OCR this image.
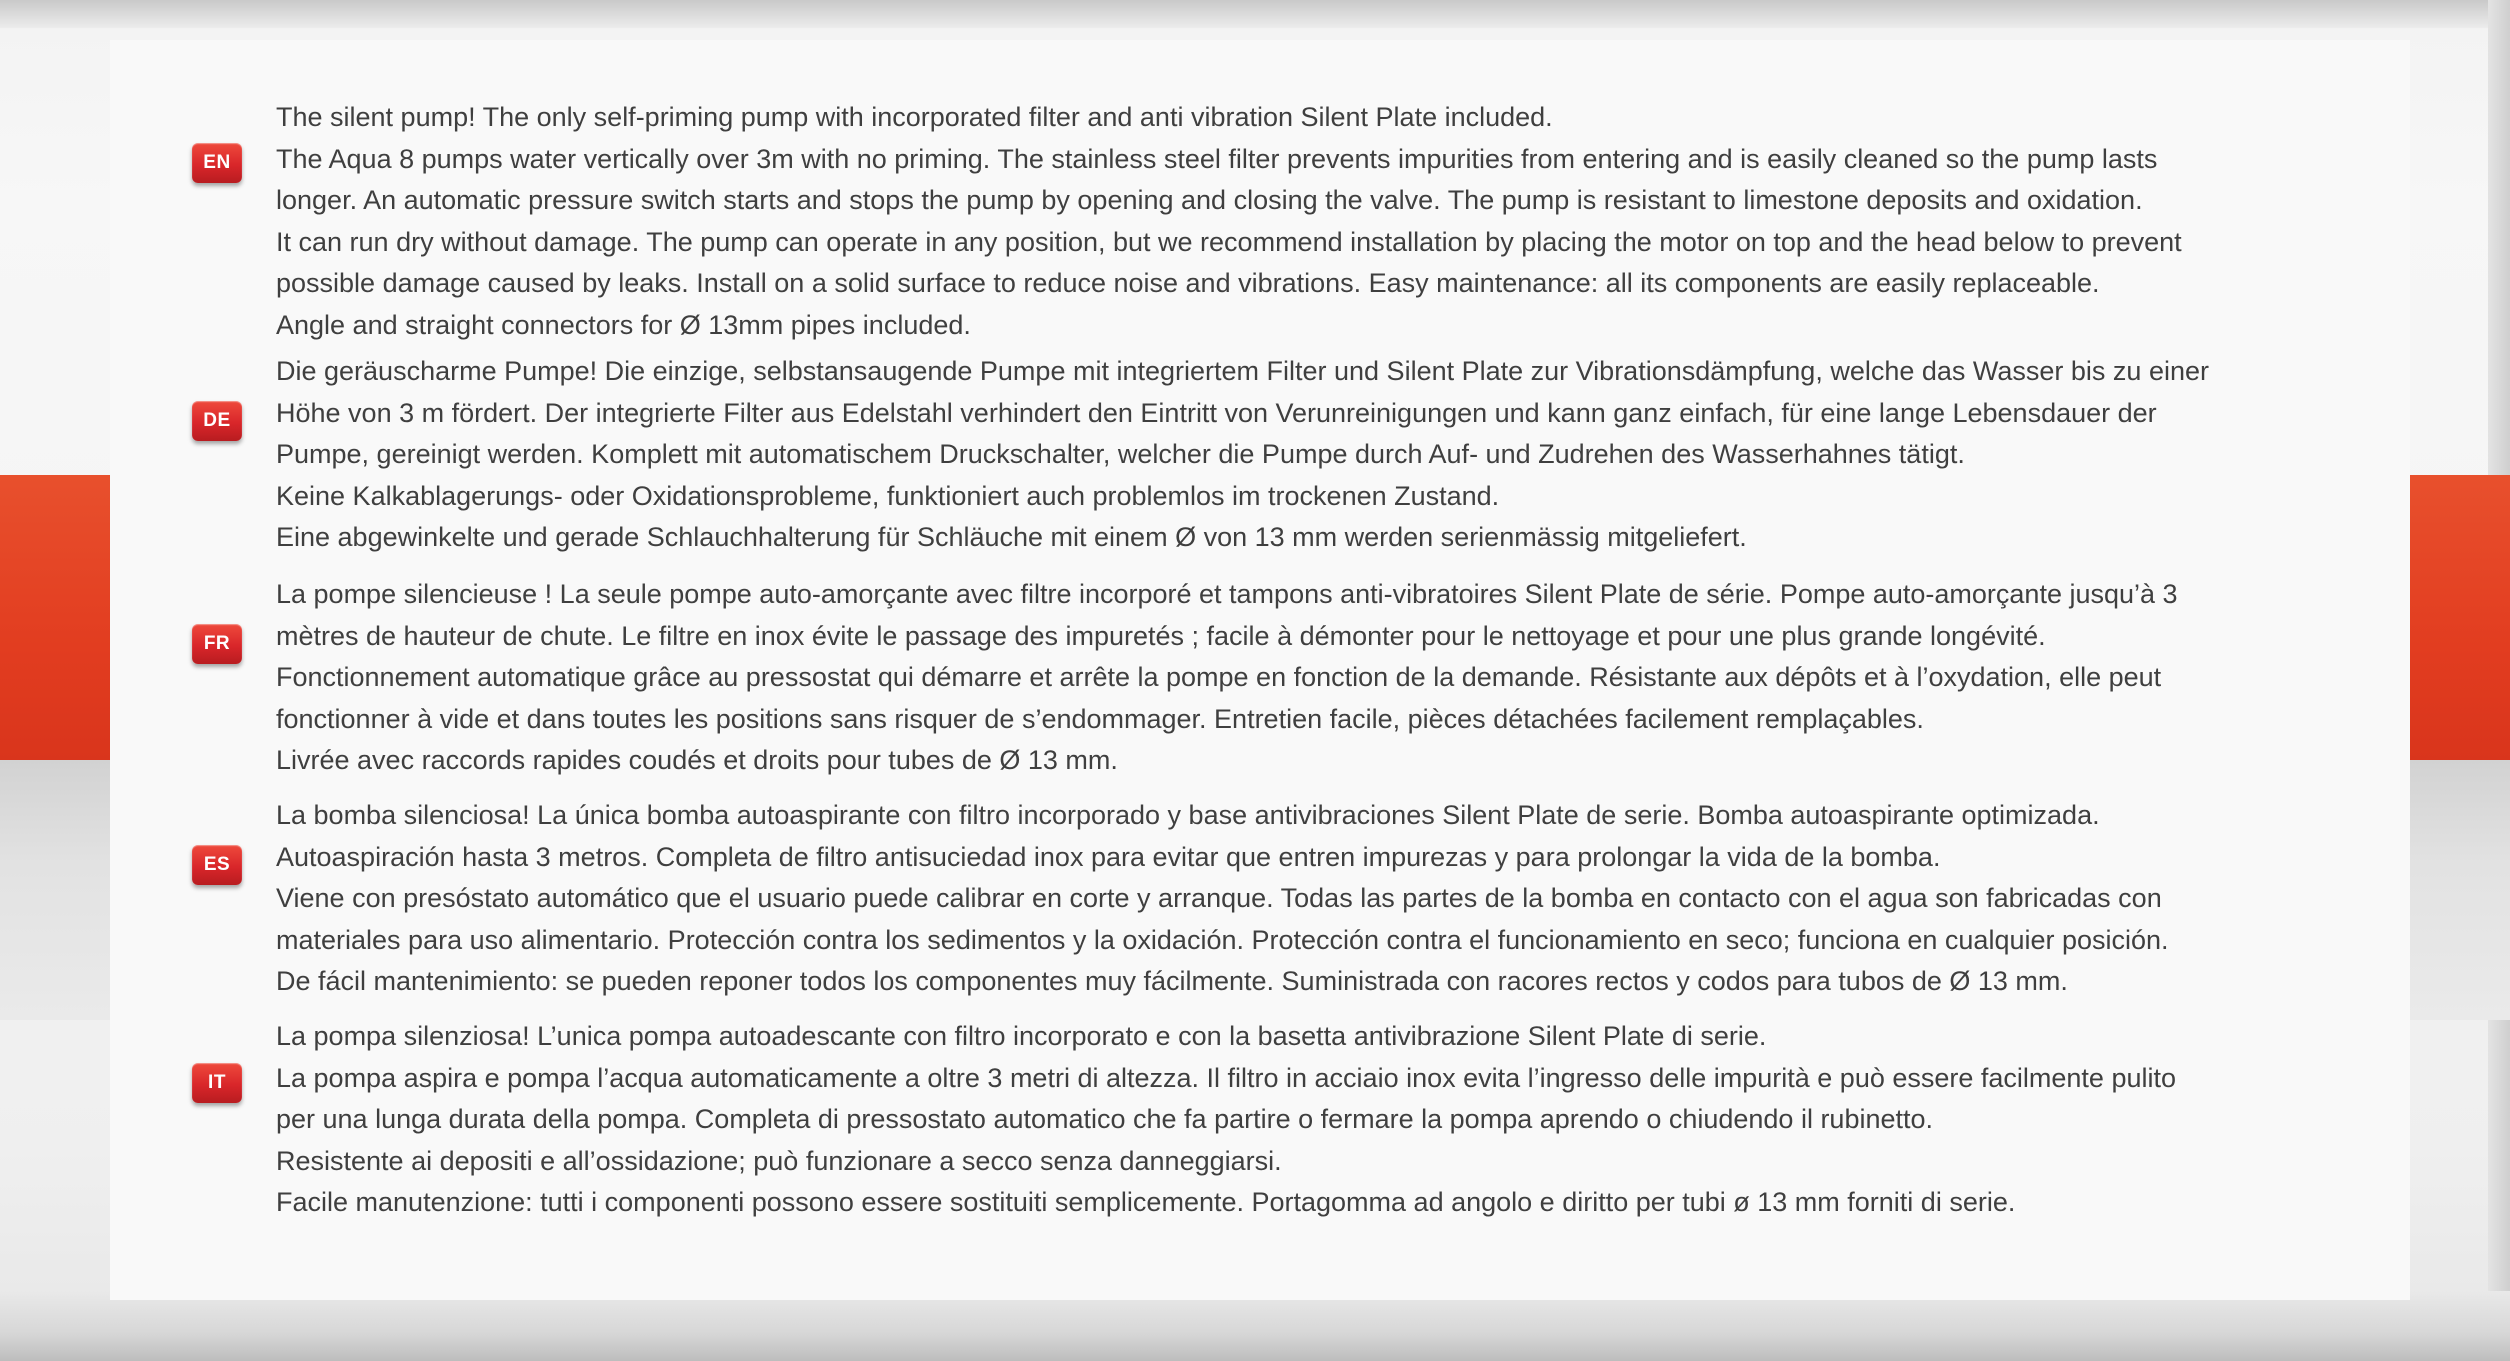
EN
The silent pump! The only self-priming pump with incorporated filter and anti vibration Silent Plate included.
The Aqua 8 pumps water vertically over 3m with no priming. The stainless steel filter prevents impurities from entering and is easily cleaned so the pump lasts
longer. An automatic pressure switch starts and stops the pump by opening and closing the valve. The pump is resistant to limestone deposits and oxidation.
It can run dry without damage. The pump can operate in any position, but we recommend installation by placing the motor on top and the head below to prevent
possible damage caused by leaks. Install on a solid surface to reduce noise and vibrations. Easy maintenance: all its components are easily replaceable.
Angle and straight connectors for Ø 13mm pipes included.
DE
Die geräuscharme Pumpe! Die einzige, selbstansaugende Pumpe mit integriertem Filter und Silent Plate zur Vibrationsdämpfung, welche das Wasser bis zu einer
Höhe von 3 m fördert. Der integrierte Filter aus Edelstahl verhindert den Eintritt von Verunreinigungen und kann ganz einfach, für eine lange Lebensdauer der
Pumpe, gereinigt werden. Komplett mit automatischem Druckschalter, welcher die Pumpe durch Auf- und Zudrehen des Wasserhahnes tätigt.
Keine Kalkablagerungs- oder Oxidationsprobleme, funktioniert auch problemlos im trockenen Zustand.
Eine abgewinkelte und gerade Schlauchhalterung für Schläuche mit einem Ø von 13 mm werden serienmässig mitgeliefert.
FR
La pompe silencieuse ! La seule pompe auto-amorçante avec filtre incorporé et tampons anti-vibratoires Silent Plate de série. Pompe auto-amorçante jusqu’à 3
mètres de hauteur de chute. Le filtre en inox évite le passage des impuretés ; facile à démonter pour le nettoyage et pour une plus grande longévité.
Fonctionnement automatique grâce au pressostat qui démarre et arrête la pompe en fonction de la demande. Résistante aux dépôts et à l’oxydation, elle peut
fonctionner à vide et dans toutes les positions sans risquer de s’endommager. Entretien facile, pièces détachées facilement remplaçables.
Livrée avec raccords rapides coudés et droits pour tubes de Ø 13 mm.
ES
La bomba silenciosa! La única bomba autoaspirante con filtro incorporado y base antivibraciones Silent Plate de serie. Bomba autoaspirante optimizada.
Autoaspiración hasta 3 metros. Completa de filtro antisuciedad inox para evitar que entren impurezas y para prolongar la vida de la bomba.
Viene con presóstato automático que el usuario puede calibrar en corte y arranque. Todas las partes de la bomba en contacto con el agua son fabricadas con
materiales para uso alimentario. Protección contra los sedimentos y la oxidación. Protección contra el funcionamiento en seco; funciona en cualquier posición.
De fácil mantenimiento: se pueden reponer todos los componentes muy fácilmente. Suministrada con racores rectos y codos para tubos de Ø 13 mm.
IT
La pompa silenziosa! L’unica pompa autoadescante con filtro incorporato e con la basetta antivibrazione Silent Plate di serie.
La pompa aspira e pompa l’acqua automaticamente a oltre 3 metri di altezza. Il filtro in acciaio inox evita l’ingresso delle impurità e può essere facilmente pulito
per una lunga durata della pompa. Completa di pressostato automatico che fa partire o fermare la pompa aprendo o chiudendo il rubinetto.
Resistente ai depositi e all’ossidazione; può funzionare a secco senza danneggiarsi.
Facile manutenzione: tutti i componenti possono essere sostituiti semplicemente. Portagomma ad angolo e diritto per tubi ø 13 mm forniti di serie.
